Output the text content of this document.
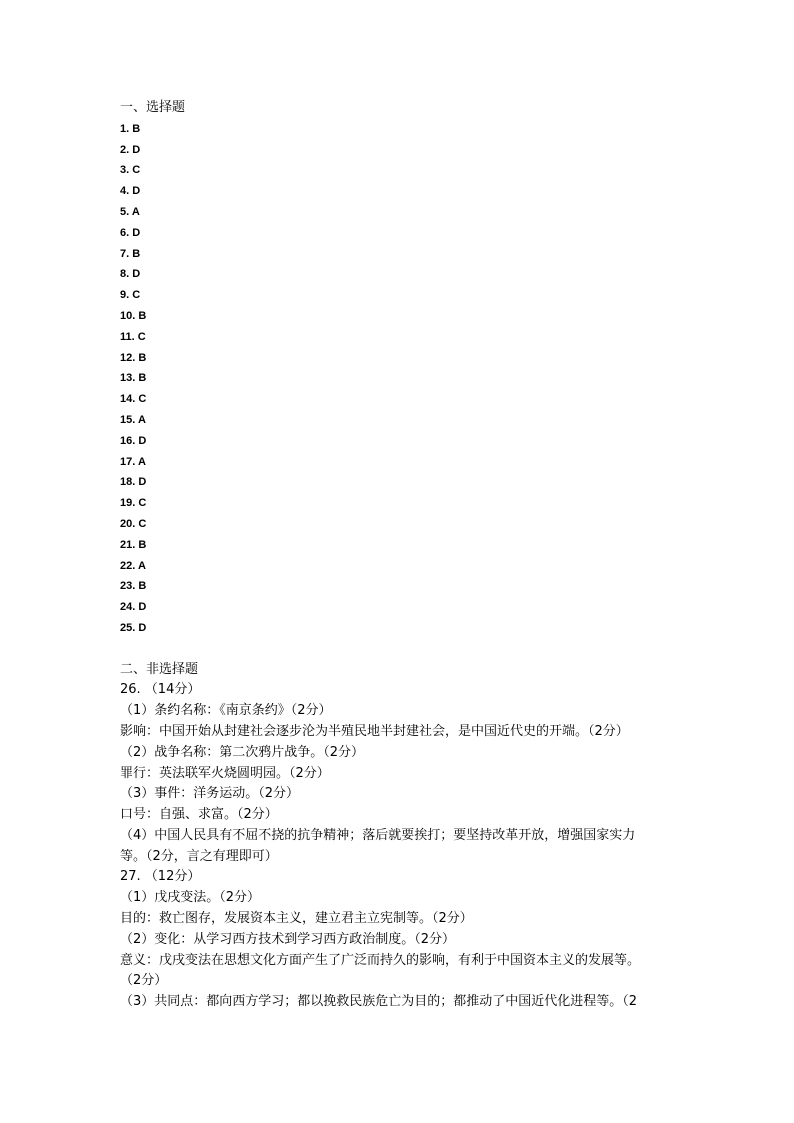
一、选择题
1. B
2. D
3. C
4. D
5. A
6. D
7. B
8. D
9. C
10. B
11. C
12. B
13. B
14. C
15. A
16. D
17. A
18. D
19. C
20. C
21. B
22. A
23. B
24. D
25. D
二、非选择题
26. （14分）
（1）条约名称：《南京条约》（2分）
影响：中国开始从封建社会逐步沦为半殖民地半封建社会，是中国近代史的开端。（2分）
（2）战争名称：第二次鸦片战争。（2分）
罪行：英法联军火烧圆明园。（2分）
（3）事件：洋务运动。（2分）
口号：自强、求富。（2分）
（4）中国人民具有不屈不挠的抗争精神；落后就要挨打；要坚持改革开放，增强国家实力
等。（2分，言之有理即可）
27. （12分）
（1）戊戌变法。（2分）
目的：救亡图存，发展资本主义，建立君主立宪制等。（2分）
（2）变化：从学习西方技术到学习西方政治制度。（2分）
意义：戊戌变法在思想文化方面产生了广泛而持久的影响，有利于中国资本主义的发展等。
（2分）
（3）共同点：都向西方学习；都以挽救民族危亡为目的；都推动了中国近代化进程等。（2
